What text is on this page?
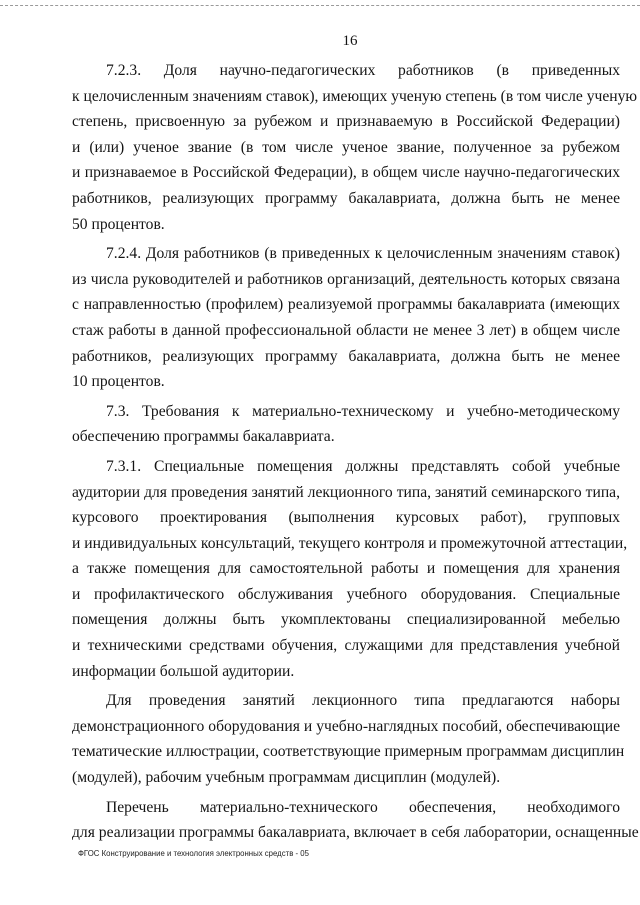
16
7.2.3. Доля научно-педагогических работников (в приведенных
к целочисленным значениям ставок), имеющих ученую степень (в том числе ученую
степень, присвоенную за рубежом и признаваемую в Российской Федерации)
и (или) ученое звание (в том числе ученое звание, полученное за рубежом
и признаваемое в Российской Федерации), в общем числе научно-педагогических
работников, реализующих программу бакалавриата, должна быть не менее
50 процентов.
7.2.4. Доля работников (в приведенных к целочисленным значениям ставок)
из числа руководителей и работников организаций, деятельность которых связана
с направленностью (профилем) реализуемой программы бакалавриата (имеющих
стаж работы в данной профессиональной области не менее 3 лет) в общем числе
работников, реализующих программу бакалавриата, должна быть не менее
10 процентов.
7.3. Требования к материально-техническому и учебно-методическому
обеспечению программы бакалавриата.
7.3.1. Специальные помещения должны представлять собой учебные
аудитории для проведения занятий лекционного типа, занятий семинарского типа,
курсового проектирования (выполнения курсовых работ), групповых
и индивидуальных консультаций, текущего контроля и промежуточной аттестации,
а также помещения для самостоятельной работы и помещения для хранения
и профилактического обслуживания учебного оборудования. Специальные
помещения должны быть укомплектованы специализированной мебелью
и техническими средствами обучения, служащими для представления учебной
информации большой аудитории.
Для проведения занятий лекционного типа предлагаются наборы
демонстрационного оборудования и учебно-наглядных пособий, обеспечивающие
тематические иллюстрации, соответствующие примерным программам дисциплин
(модулей), рабочим учебным программам дисциплин (модулей).
Перечень материально-технического обеспечения, необходимого
для реализации программы бакалавриата, включает в себя лаборатории, оснащенные
ФГОС Конструирование и технология электронных средств - 05
